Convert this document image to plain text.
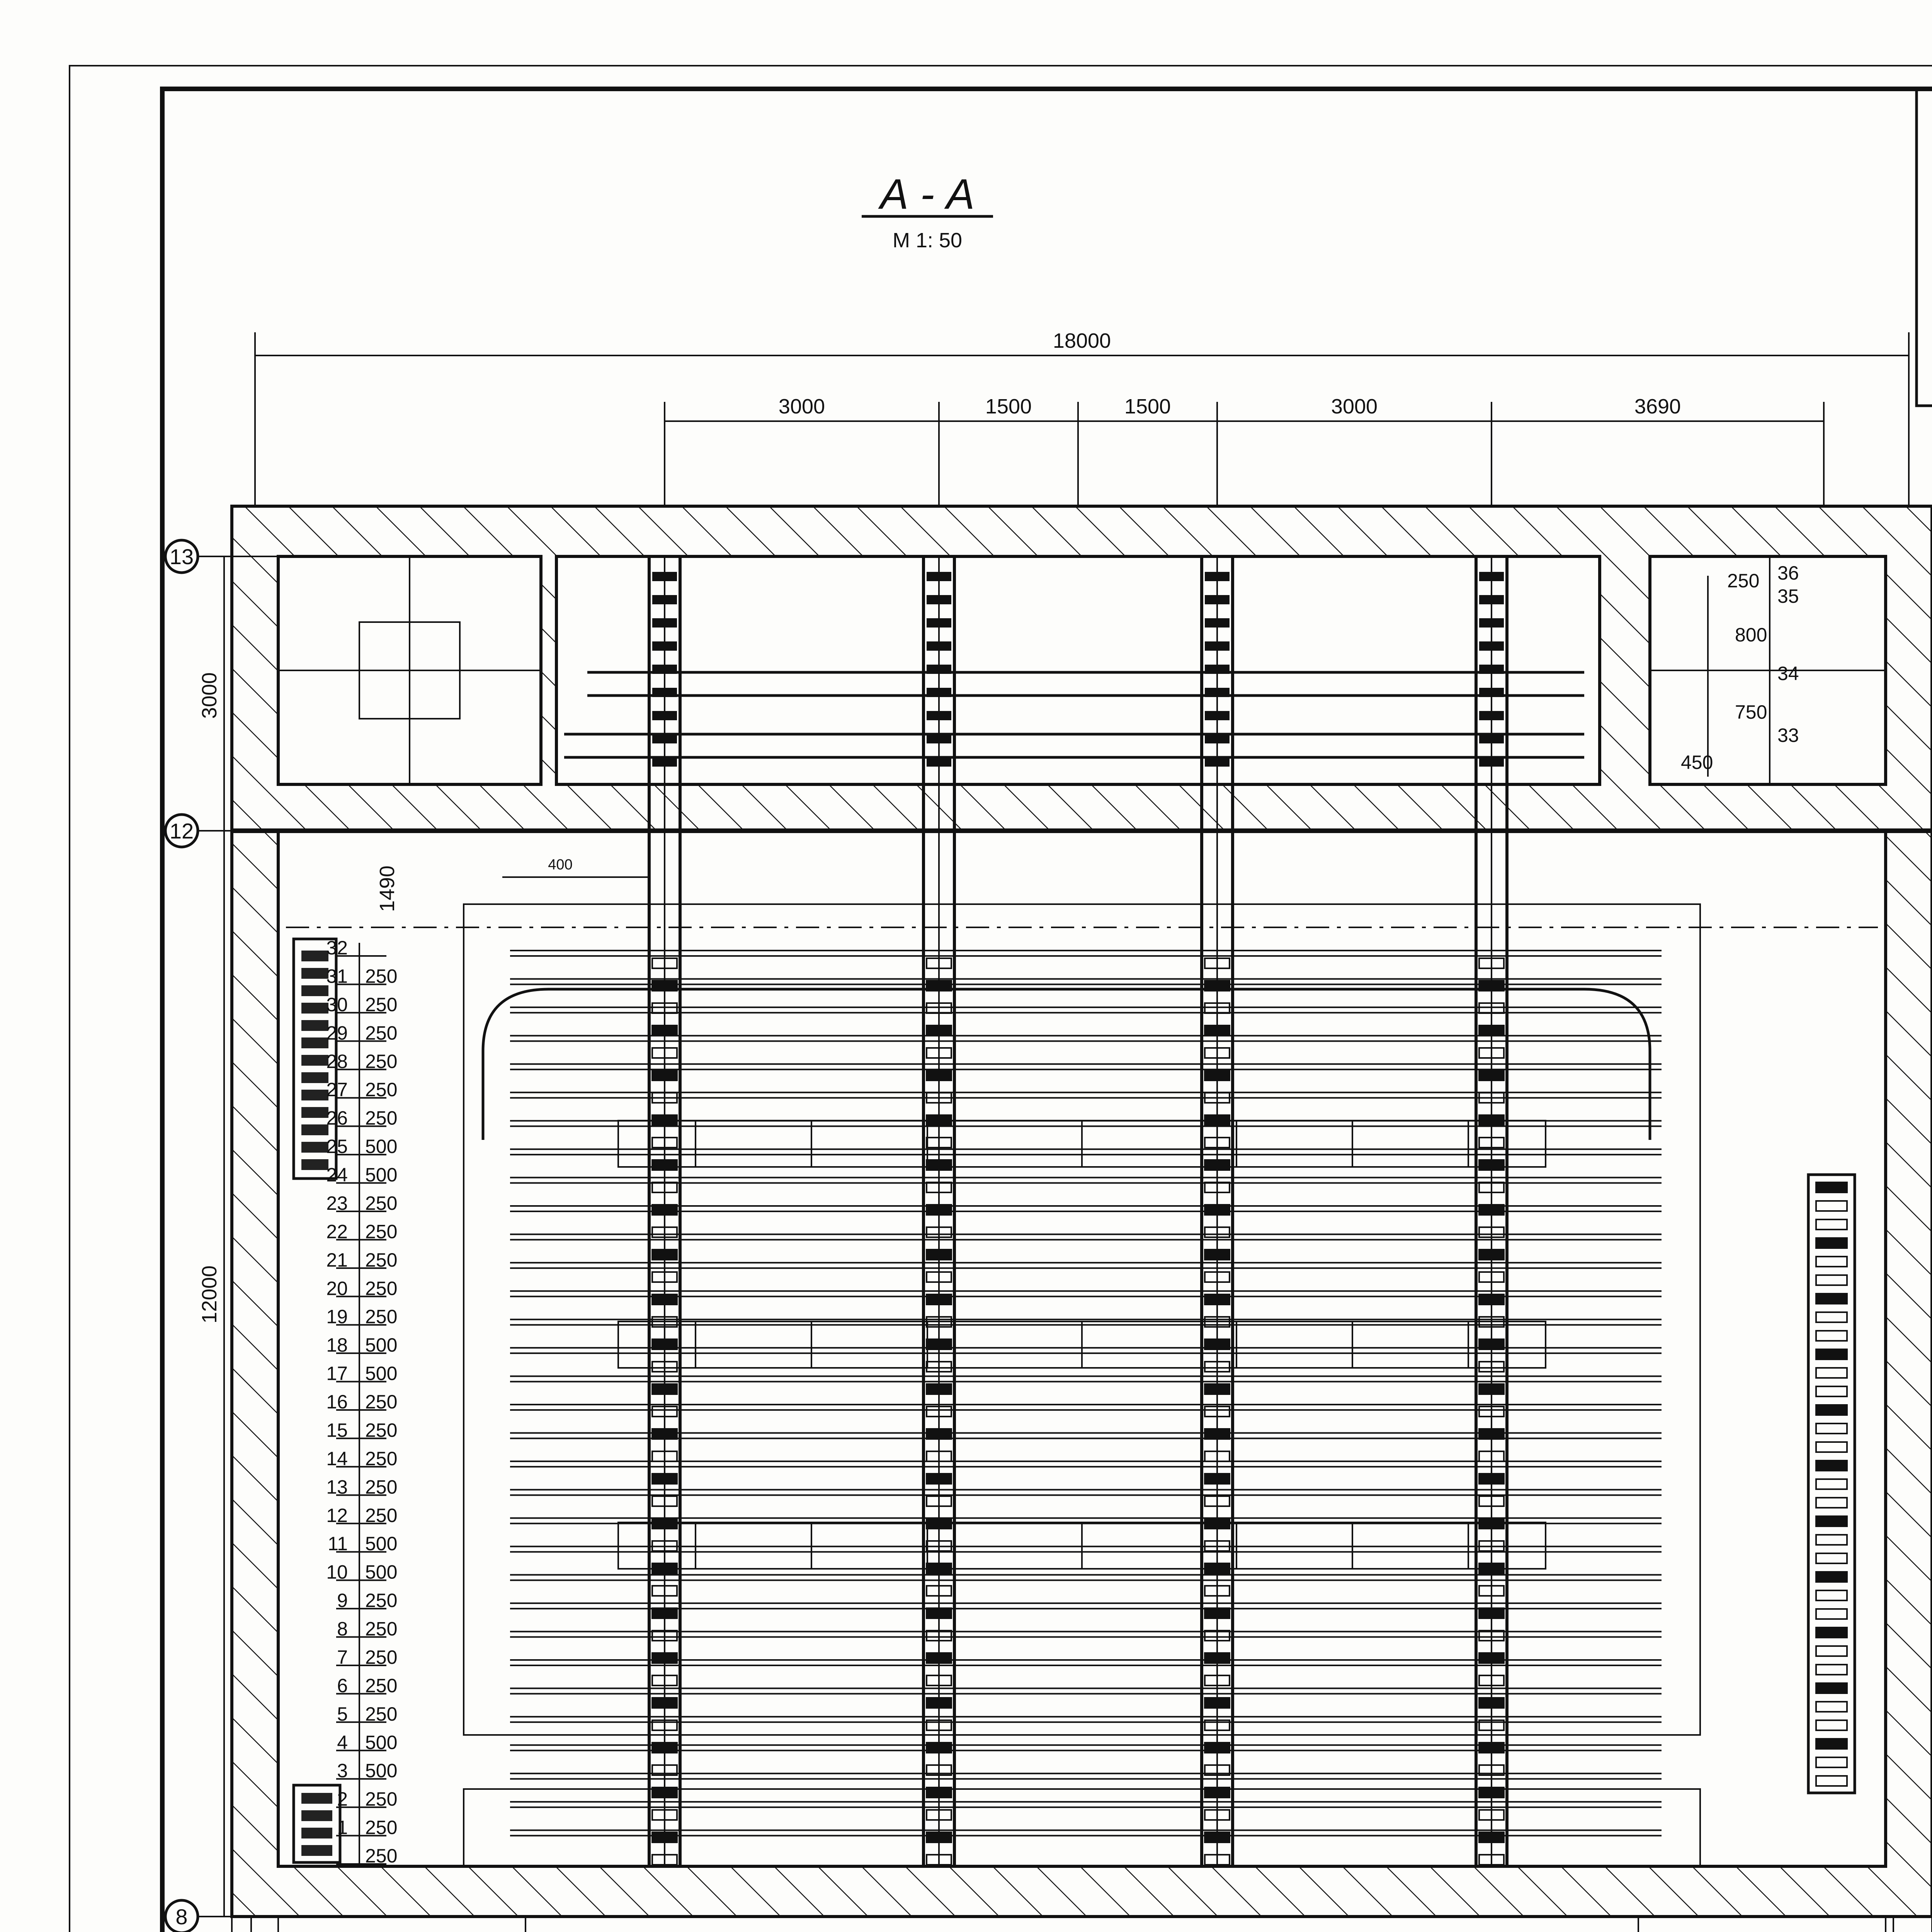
А - А
М 1: 50
18000
3000	1500	1500	3000	3690
250
800
750
450
36
35
34
33
32
31 250
30 250
29 250
28 250
27 250
26 250
25 500
24 500
23 250
22 250
21 250
20 250
19 250
18 500
17 500
16 250
15 250
14 250
13 250
12 250
11 500
10 500
9 250
8 250
7 250
6 250
5 250
4 500
3 500
2 250
1 250
250
3000
12000
1490
400
13
12
8
